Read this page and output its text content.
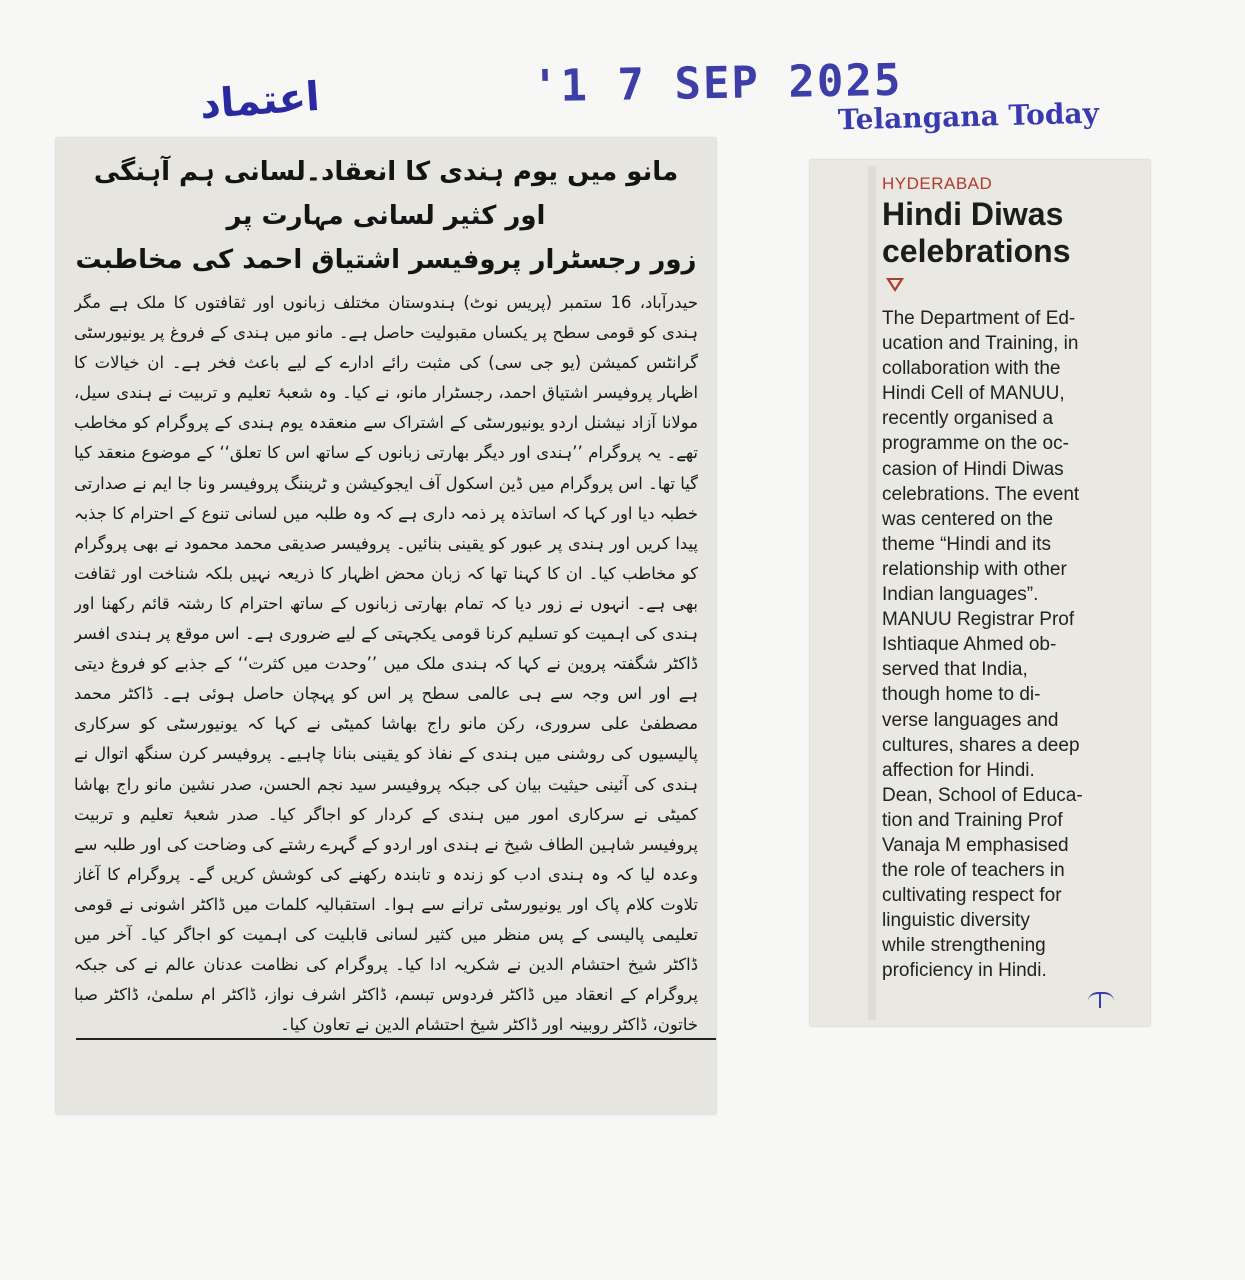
'1 7 SEP 2025
اعتماد	Telangana Today
مانو میں یوم ہندی کا انعقاد۔لسانی ہم آہنگی اور کثیر لسانی مہارت پر
زور رجسٹرار پروفیسر اشتیاق احمد کی مخاطبت
حیدرآباد، 16 ستمبر (پریس نوٹ) ہندوستان مختلف زبانوں اور ثقافتوں کا ملک ہے مگر ہندی کو قومی سطح پر یکساں مقبولیت حاصل ہے۔ مانو میں ہندی کے فروغ پر یونیورسٹی گرانٹس کمیشن (یو جی سی) کی مثبت رائے ادارے کے لیے باعث فخر ہے۔ ان خیالات کا اظہار پروفیسر اشتیاق احمد، رجسٹرار مانو، نے کیا۔ وہ شعبۂ تعلیم و تربیت نے ہندی سیل، مولانا آزاد نیشنل اردو یونیورسٹی کے اشتراک سے منعقدہ یوم ہندی کے پروگرام کو مخاطب تھے۔ یہ پروگرام ’’ہندی اور دیگر بھارتی زبانوں کے ساتھ اس کا تعلق‘‘ کے موضوع منعقد کیا گیا تھا۔ اس پروگرام میں ڈین اسکول آف ایجوکیشن و ٹریننگ پروفیسر ونا جا ایم نے صدارتی خطبہ دیا اور کہا کہ اساتذہ پر ذمہ داری ہے کہ وہ طلبہ میں لسانی تنوع کے احترام کا جذبہ پیدا کریں اور ہندی پر عبور کو یقینی بنائیں۔ پروفیسر صدیقی محمد محمود نے بھی پروگرام کو مخاطب کیا۔ ان کا کہنا تھا کہ زبان محض اظہار کا ذریعہ نہیں بلکہ شناخت اور ثقافت بھی ہے۔ انہوں نے زور دیا کہ تمام بھارتی زبانوں کے ساتھ احترام کا رشتہ قائم رکھنا اور ہندی کی اہمیت کو تسلیم کرنا قومی یکجہتی کے لیے ضروری ہے۔ اس موقع پر ہندی افسر ڈاکٹر شگفتہ پروین نے کہا کہ ہندی ملک میں ’’وحدت میں کثرت‘‘ کے جذبے کو فروغ دیتی ہے اور اس وجہ سے ہی عالمی سطح پر اس کو پہچان حاصل ہوئی ہے۔ ڈاکٹر محمد مصطفیٰ علی سروری، رکن مانو راج بھاشا کمیٹی نے کہا کہ یونیورسٹی کو سرکاری پالیسیوں کی روشنی میں ہندی کے نفاذ کو یقینی بنانا چاہیے۔ پروفیسر کرن سنگھ اتوال نے ہندی کی آئینی حیثیت بیان کی جبکہ پروفیسر سید نجم الحسن، صدر نشین مانو راج بھاشا کمیٹی نے سرکاری امور میں ہندی کے کردار کو اجاگر کیا۔ صدر شعبۂ تعلیم و تربیت پروفیسر شاہین الطاف شیخ نے ہندی اور اردو کے گہرے رشتے کی وضاحت کی اور طلبہ سے وعدہ لیا کہ وہ ہندی ادب کو زندہ و تابندہ رکھنے کی کوشش کریں گے۔ پروگرام کا آغاز تلاوت کلام پاک اور یونیورسٹی ترانے سے ہوا۔ استقبالیہ کلمات میں ڈاکٹر اشونی نے قومی تعلیمی پالیسی کے پس منظر میں کثیر لسانی قابلیت کی اہمیت کو اجاگر کیا۔ آخر میں ڈاکٹر شیخ احتشام الدین نے شکریہ ادا کیا۔ پروگرام کی نظامت عدنان عالم نے کی جبکہ پروگرام کے انعقاد میں ڈاکٹر فردوس تبسم، ڈاکٹر اشرف نواز، ڈاکٹر ام سلمیٰ، ڈاکٹر صبا خاتون، ڈاکٹر روبینہ اور ڈاکٹر شیخ احتشام الدین نے تعاون کیا۔
HYDERABAD
Hindi Diwas
celebrations

The Department of Ed-
ucation and Training, in
collaboration with the
Hindi Cell of MANUU,
recently organised a
programme on the oc-
casion of Hindi Diwas
celebrations. The event
was centered on the
theme “Hindi and its
relationship with other
Indian languages”.
MANUU Registrar Prof
Ishtiaque Ahmed ob-
served that India,
though home to di-
verse languages and
cultures, shares a deep
affection for Hindi.
Dean, School of Educa-
tion and Training Prof
Vanaja M emphasised
the role of teachers in
cultivating respect for
linguistic diversity
while strengthening
proficiency in Hindi.
